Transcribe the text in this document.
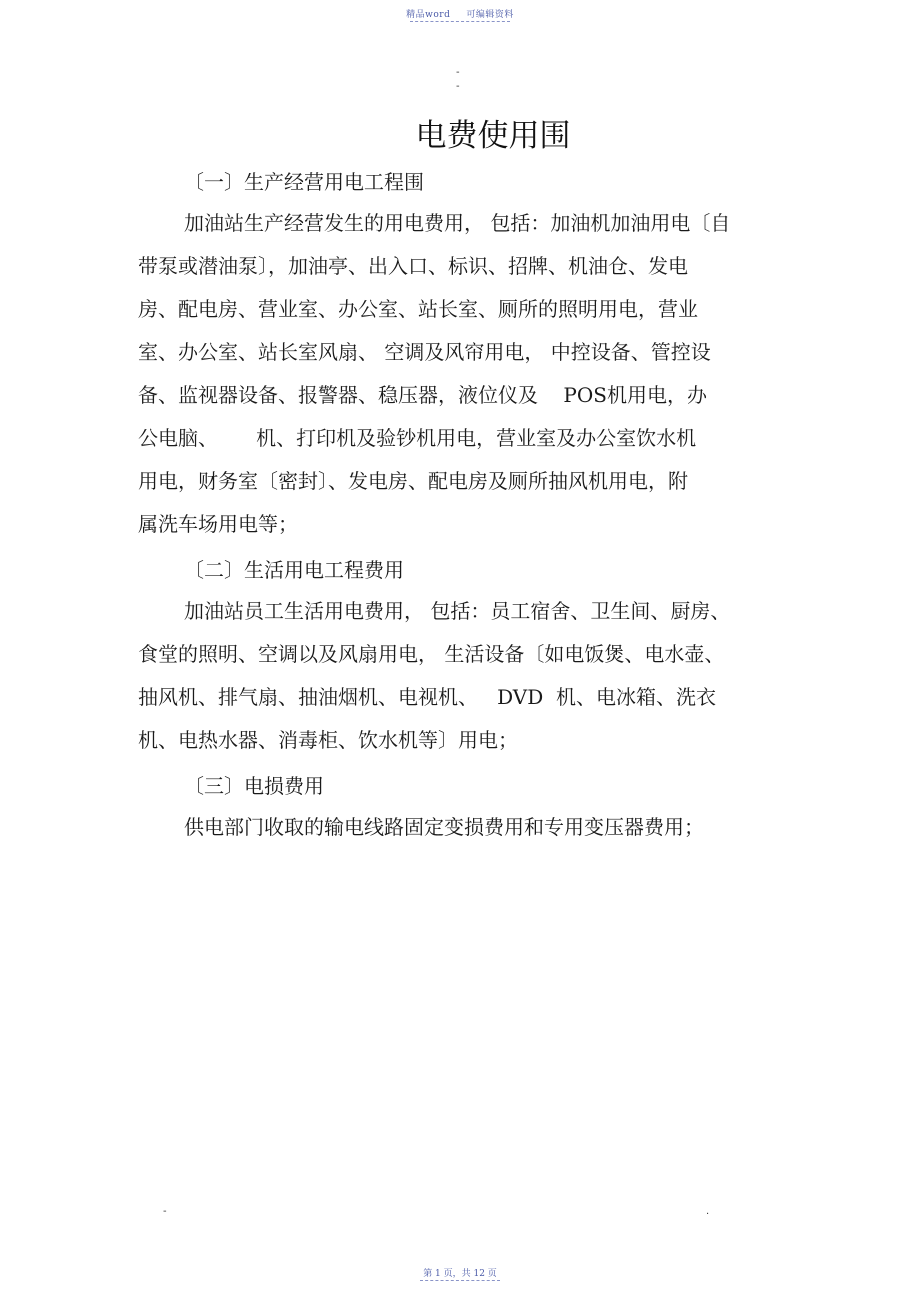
精品word 可编辑资料
-
-
电费使用围
〔一〕生产经营用电工程围
加油站生产经营发生的用电费用， 包括：加油机加油用电〔自
带泵或潜油泵〕，加油亭、出入口、标识、招牌、机油仓、发电
房、配电房、营业室、办公室、站长室、厕所的照明用电，营业
室、办公室、站长室风扇、 空调及风帘用电， 中控设备、管控设
备、监视器设备、报警器、稳压器，液位仪及    POS机用电，办
公电脑、      机、打印机及验钞机用电，营业室及办公室饮水机
用电，财务室〔密封〕、发电房、配电房及厕所抽风机用电，附
属洗车场用电等；
〔二〕生活用电工程费用
加油站员工生活用电费用， 包括：员工宿舍、卫生间、厨房、
食堂的照明、空调以及风扇用电， 生活设备〔如电饭煲、电水壶、
抽风机、排气扇、抽油烟机、电视机、   DVD  机、电冰箱、洗衣
机、电热水器、消毒柜、饮水机等〕用电；
〔三〕电损费用
供电部门收取的输电线路固定变损费用和专用变压器费用；
-	.
第 1 页，共 12 页
